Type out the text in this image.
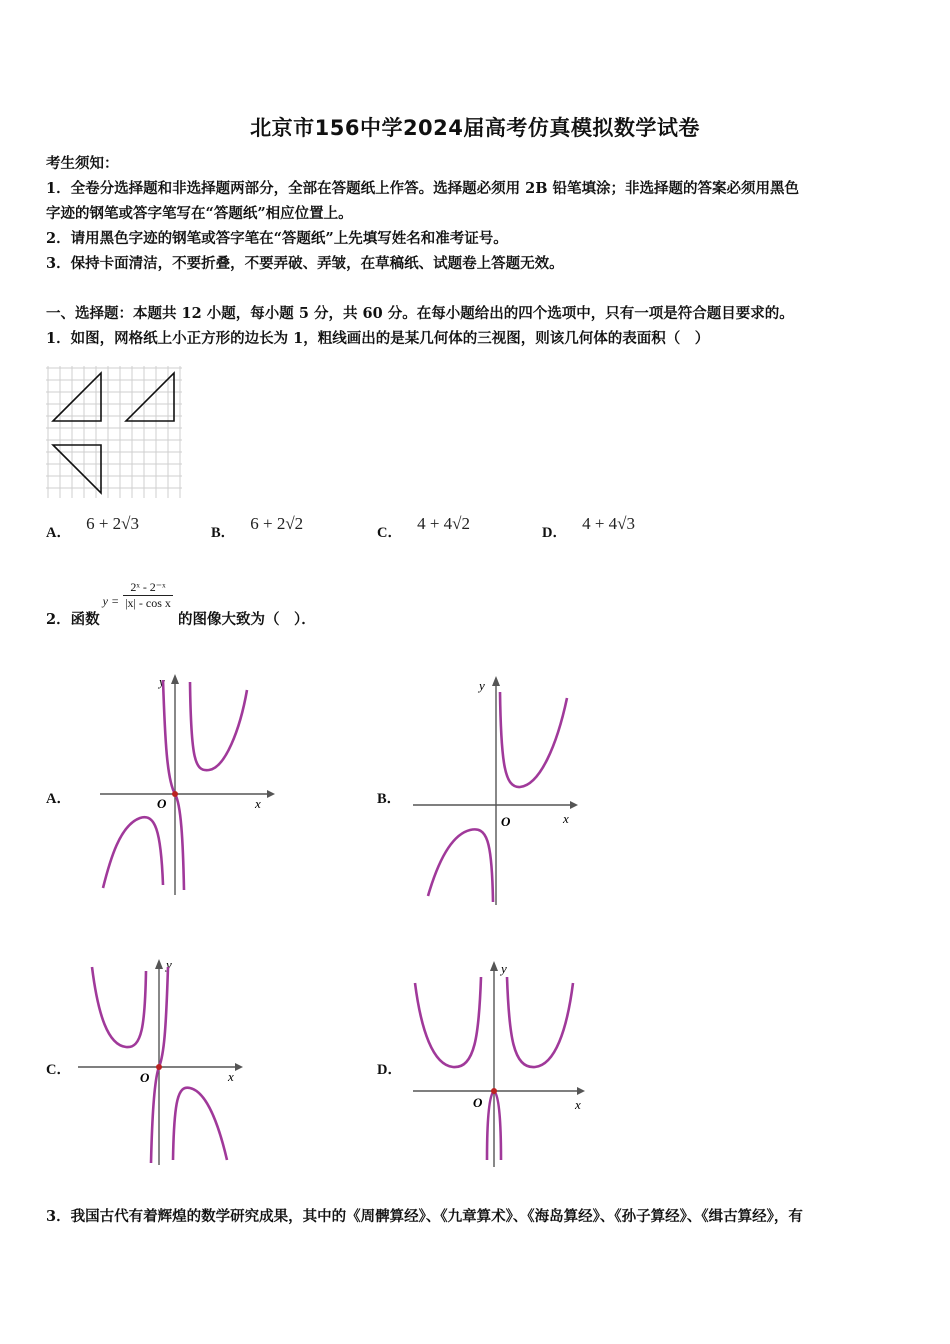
北京市156中学2024届高考仿真模拟数学试卷
考生须知：
1．全卷分选择题和非选择题两部分，全部在答题纸上作答。选择题必须用 2B 铅笔填涂；非选择题的答案必须用黑色
字迹的钢笔或答字笔写在“答题纸”相应位置上。
2．请用黑色字迹的钢笔或答字笔在“答题纸”上先填写姓名和准考证号。
3．保持卡面清洁，不要折叠，不要弄破、弄皱，在草稿纸、试题卷上答题无效。
一、选择题：本题共 12 小题，每小题 5 分，共 60 分。在每小题给出的四个选项中，只有一项是符合题目要求的。
1．如图，网格纸上小正方形的边长为 1，粗线画出的是某几何体的三视图，则该几何体的表面积（　）
A． 6 + 2√3	B． 6 + 2√2	C． 4 + 4√2	D． 4 + 4√3
2．函数
$y = \frac{\text{2ˣ - 2⁻ˣ}}{\text{|x| - cos x}}$
的图像大致为（　）．
A．	x
y
O	B．
x
y
O
C．	x
y
O	D．
x
y
O
3．我国古代有着辉煌的数学研究成果，其中的《周髀算经》、《九章算术》、《海岛算经》、《孙子算经》、《缉古算经》，有
